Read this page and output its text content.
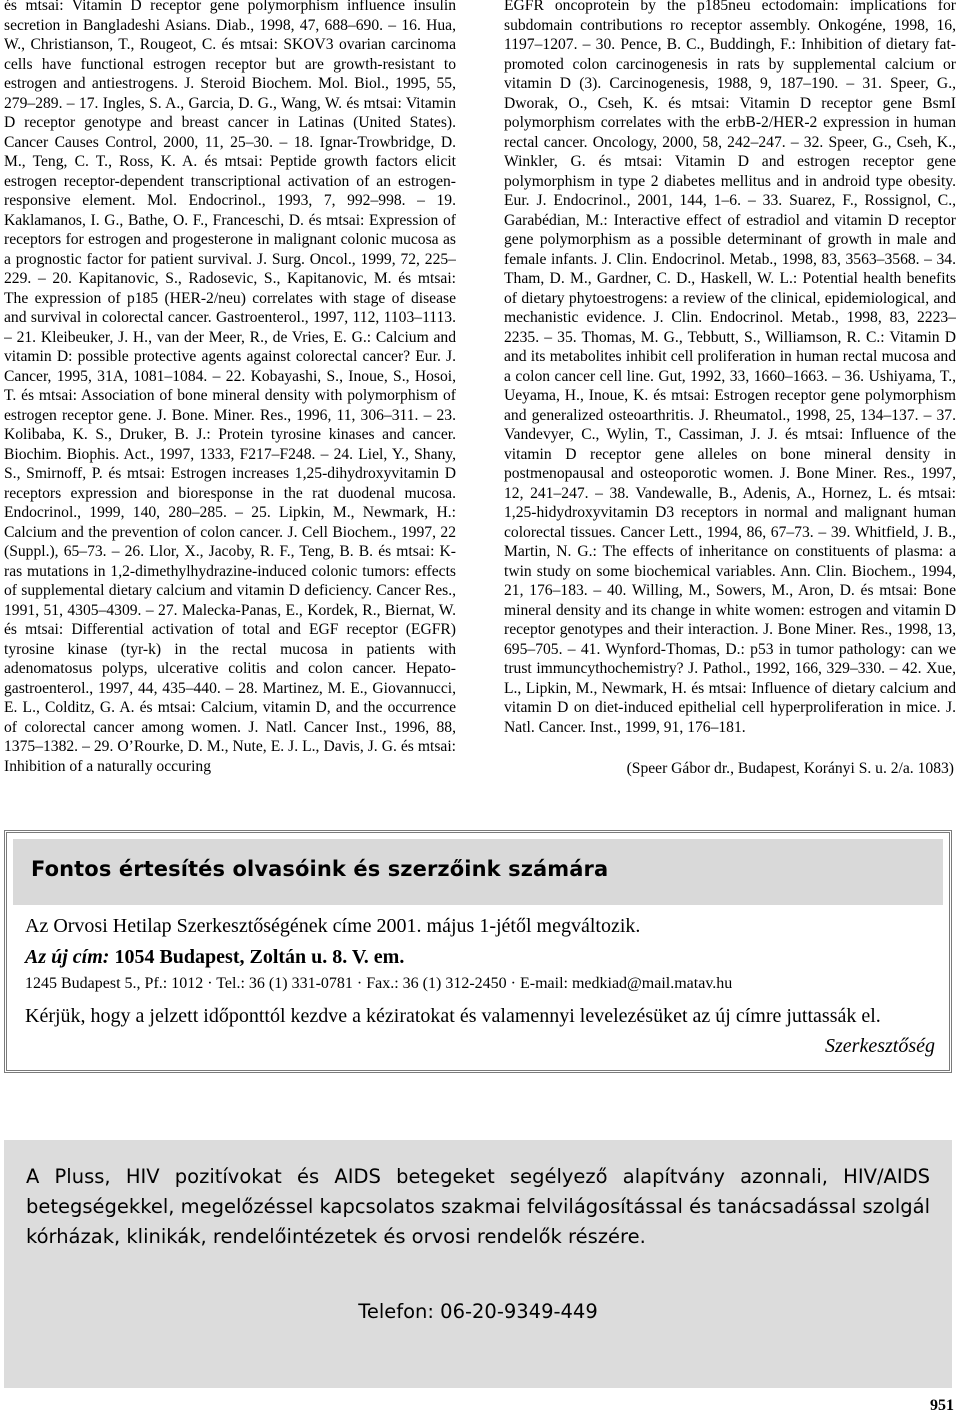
és mtsai: Vitamin D receptor gene polymorphism influence insulin secretion in Bangladeshi Asians. Diab., 1998, 47, 688–690. – 16. Hua, W., Christianson, T., Rougeot, C. és mtsai: SKOV3 ovarian carcinoma cells have functional estrogen receptor but are growth-resistant to estrogen and antiestrogens. J. Steroid Biochem. Mol. Biol., 1995, 55, 279–289. – 17. Ingles, S. A., Garcia, D. G., Wang, W. és mtsai: Vitamin D receptor genotype and breast cancer in Latinas (United States). Cancer Causes Control, 2000, 11, 25–30. – 18. Ignar-Trowbridge, D. M., Teng, C. T., Ross, K. A. és mtsai: Peptide growth factors elicit estrogen receptor-dependent transcriptional activation of an estrogen-responsive element. Mol. Endocrinol., 1993, 7, 992–998. – 19. Kaklamanos, I. G., Bathe, O. F., Franceschi, D. és mtsai: Expression of receptors for estrogen and progesterone in malignant colonic mucosa as a prognostic factor for patient survival. J. Surg. Oncol., 1999, 72, 225–229. – 20. Kapitanovic, S., Radosevic, S., Kapitanovic, M. és mtsai: The expression of p185 (HER-2/neu) correlates with stage of disease and survival in colorectal cancer. Gastroenterol., 1997, 112, 1103–1113. – 21. Kleibeuker, J. H., van der Meer, R., de Vries, E. G.: Calcium and vitamin D: possible protective agents against colorectal cancer? Eur. J. Cancer, 1995, 31A, 1081–1084. – 22. Kobayashi, S., Inoue, S., Hosoi, T. és mtsai: Association of bone mineral density with polymorphism of estrogen receptor gene. J. Bone. Miner. Res., 1996, 11, 306–311. – 23. Kolibaba, K. S., Druker, B. J.: Protein tyrosine kinases and cancer. Biochim. Biophis. Act., 1997, 1333, F217–F248. – 24. Liel, Y., Shany, S., Smirnoff, P. és mtsai: Estrogen increases 1,25-dihydroxyvitamin D receptors expression and bioresponse in the rat duodenal mucosa. Endocrinol., 1999, 140, 280–285. – 25. Lipkin, M., Newmark, H.: Calcium and the prevention of colon cancer. J. Cell Biochem., 1997, 22 (Suppl.), 65–73. – 26. Llor, X., Jacoby, R. F., Teng, B. B. és mtsai: K-ras mutations in 1,2-dimethylhydrazine-induced colonic tumors: effects of supplemental dietary calcium and vitamin D deficiency. Cancer Res., 1991, 51, 4305–4309. – 27. Malecka-Panas, E., Kordek, R., Biernat, W. és mtsai: Differential activation of total and EGF receptor (EGFR) tyrosine kinase (tyr-k) in the rectal mucosa in patients with adenomatosus polyps, ulcerative colitis and colon cancer. Hepato-gastroenterol., 1997, 44, 435–440. – 28. Martinez, M. E., Giovannucci, E. L., Colditz, G. A. és mtsai: Calcium, vitamin D, and the occurrence of colorectal cancer among women. J. Natl. Cancer Inst., 1996, 88, 1375–1382. – 29. O’Rourke, D. M., Nute, E. J. L., Davis, J. G. és mtsai: Inhibition of a naturally occuring
EGFR oncoprotein by the p185neu ectodomain: implications for subdomain contributions ro receptor assembly. Onkogéne, 1998, 16, 1197–1207. – 30. Pence, B. C., Buddingh, F.: Inhibition of dietary fat-promoted colon carcinogenesis in rats by supplemental calcium or vitamin D (3). Carcinogenesis, 1988, 9, 187–190. – 31. Speer, G., Dworak, O., Cseh, K. és mtsai: Vitamin D receptor gene BsmI polymorphism correlates with the erbB-2/HER-2 expression in human rectal cancer. Oncology, 2000, 58, 242–247. – 32. Speer, G., Cseh, K., Winkler, G. és mtsai: Vitamin D and estrogen receptor gene polymorphism in type 2 diabetes mellitus and in android type obesity. Eur. J. Endocrinol., 2001, 144, 1–6. – 33. Suarez, F., Rossignol, C., Garabédian, M.: Interactive effect of estradiol and vitamin D receptor gene polymorphism as a possible determinant of growth in male and female infants. J. Clin. Endocrinol. Metab., 1998, 83, 3563–3568. – 34. Tham, D. M., Gardner, C. D., Haskell, W. L.: Potential health benefits of dietary phytoestrogens: a review of the clinical, epidemiological, and mechanistic evidence. J. Clin. Endocrinol. Metab., 1998, 83, 2223–2235. – 35. Thomas, M. G., Tebbutt, S., Williamson, R. C.: Vitamin D and its metabolites inhibit cell proliferation in human rectal mucosa and a colon cancer cell line. Gut, 1992, 33, 1660–1663. – 36. Ushiyama, T., Ueyama, H., Inoue, K. és mtsai: Estrogen receptor gene polymorphism and generalized osteoarthritis. J. Rheumatol., 1998, 25, 134–137. – 37. Vandevyer, C., Wylin, T., Cassiman, J. J. és mtsai: Influence of the vitamin D receptor gene alleles on bone mineral density in postmenopausal and osteoporotic women. J. Bone Miner. Res., 1997, 12, 241–247. – 38. Vandewalle, B., Adenis, A., Hornez, L. és mtsai: 1,25-hidydroxyvitamin D3 receptors in normal and malignant human colorectal tissues. Cancer Lett., 1994, 86, 67–73. – 39. Whitfield, J. B., Martin, N. G.: The effects of inheritance on constituents of plasma: a twin study on some biochemical variables. Ann. Clin. Biochem., 1994, 21, 176–183. – 40. Willing, M., Sowers, M., Aron, D. és mtsai: Bone mineral density and its change in white women: estrogen and vitamin D receptor genotypes and their interaction. J. Bone Miner. Res., 1998, 13, 695–705. – 41. Wynford-Thomas, D.: p53 in tumor pathology: can we trust immuncythochemistry? J. Pathol., 1992, 166, 329–330. – 42. Xue, L., Lipkin, M., Newmark, H. és mtsai: Influence of dietary calcium and vitamin D on diet-induced epithelial cell hyperproliferation in mice. J. Natl. Cancer. Inst., 1999, 91, 176–181.
(Speer Gábor dr., Budapest, Korányi S. u. 2/a. 1083)
Fontos értesítés olvasóink és szerzőink számára
Az Orvosi Hetilap Szerkesztőségének címe 2001. május 1-jétől megváltozik.
Az új cím: 1054 Budapest, Zoltán u. 8. V. em.
1245 Budapest 5., Pf.: 1012 · Tel.: 36 (1) 331-0781 · Fax.: 36 (1) 312-2450 · E-mail: medkiad@mail.matav.hu
Kérjük, hogy a jelzett időponttól kezdve a kéziratokat és valamennyi levelezésüket az új címre juttassák el.
Szerkesztőség
A Pluss, HIV pozitívokat és AIDS betegeket segélyező alapítvány azonnali, HIV/AIDS betegségekkel, megelőzéssel kapcsolatos szakmai felvilágosítással és tanácsadással szolgál kórházak, klinikák, rendelőintézetek és orvosi rendelők részére.
Telefon: 06-20-9349-449
951
